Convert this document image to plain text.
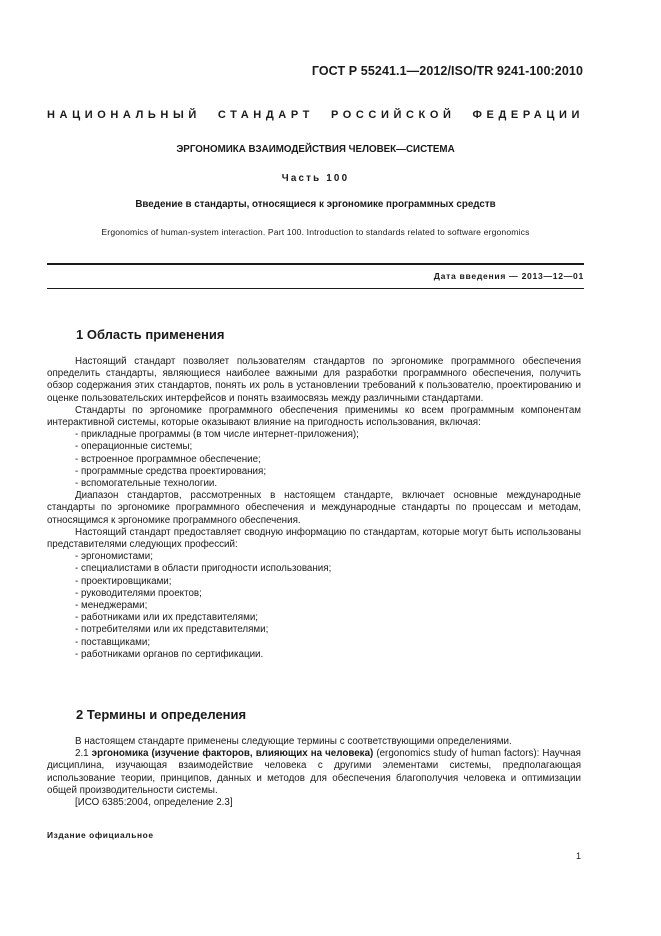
ГОСТ Р 55241.1—2012/ISO/TR 9241-100:2010
НАЦИОНАЛЬНЫЙ СТАНДАРТ РОССИЙСКОЙ ФЕДЕРАЦИИ
ЭРГОНОМИКА ВЗАИМОДЕЙСТВИЯ ЧЕЛОВЕК—СИСТЕМА
Часть 100
Введение в стандарты, относящиеся к эргономике программных средств
Ergonomics of human-system interaction. Part 100. Introduction to standards related to software ergonomics
Дата введения — 2013—12—01
1 Область применения

Настоящий стандарт позволяет пользователям стандартов по эргономике программного обеспечения определить стандарты, являющиеся наиболее важными для разработки программного обеспечения, получить обзор содержания этих стандартов, понять их роль в установлении требований к пользователю, проектированию и оценке пользовательских интерфейсов и понять взаимосвязь между различными стандартами.

Стандарты по эргономике программного обеспечения применимы ко всем программным компонентам интерактивной системы, которые оказывают влияние на пригодность использования, включая:

- прикладные программы (в том числе интернет-приложения);
- операционные системы;
- встроенное программное обеспечение;
- программные средства проектирования;
- вспомогательные технологии.

Диапазон стандартов, рассмотренных в настоящем стандарте, включает основные международные стандарты по эргономике программного обеспечения и международные стандарты по процессам и методам, относящимся к эргономике программного обеспечения.

Настоящий стандарт предоставляет сводную информацию по стандартам, которые могут быть использованы представителями следующих профессий:

- эргономистами;
- специалистами в области пригодности использования;
- проектировщиками;
- руководителями проектов;
- менеджерами;
- работниками или их представителями;
- потребителями или их представителями;
- поставщиками;
- работниками органов по сертификации.
2 Термины и определения

В настоящем стандарте применены следующие термины с соответствующими определениями.

2.1 эргономика (изучение факторов, влияющих на человека) (ergonomics study of human factors): Научная дисциплина, изучающая взаимодействие человека с другими элементами системы, предполагающая использование теории, принципов, данных и методов для обеспечения благополучия человека и оптимизации общей производительности системы.

[ИСО 6385:2004, определение 2.3]
Издание официальное
1
